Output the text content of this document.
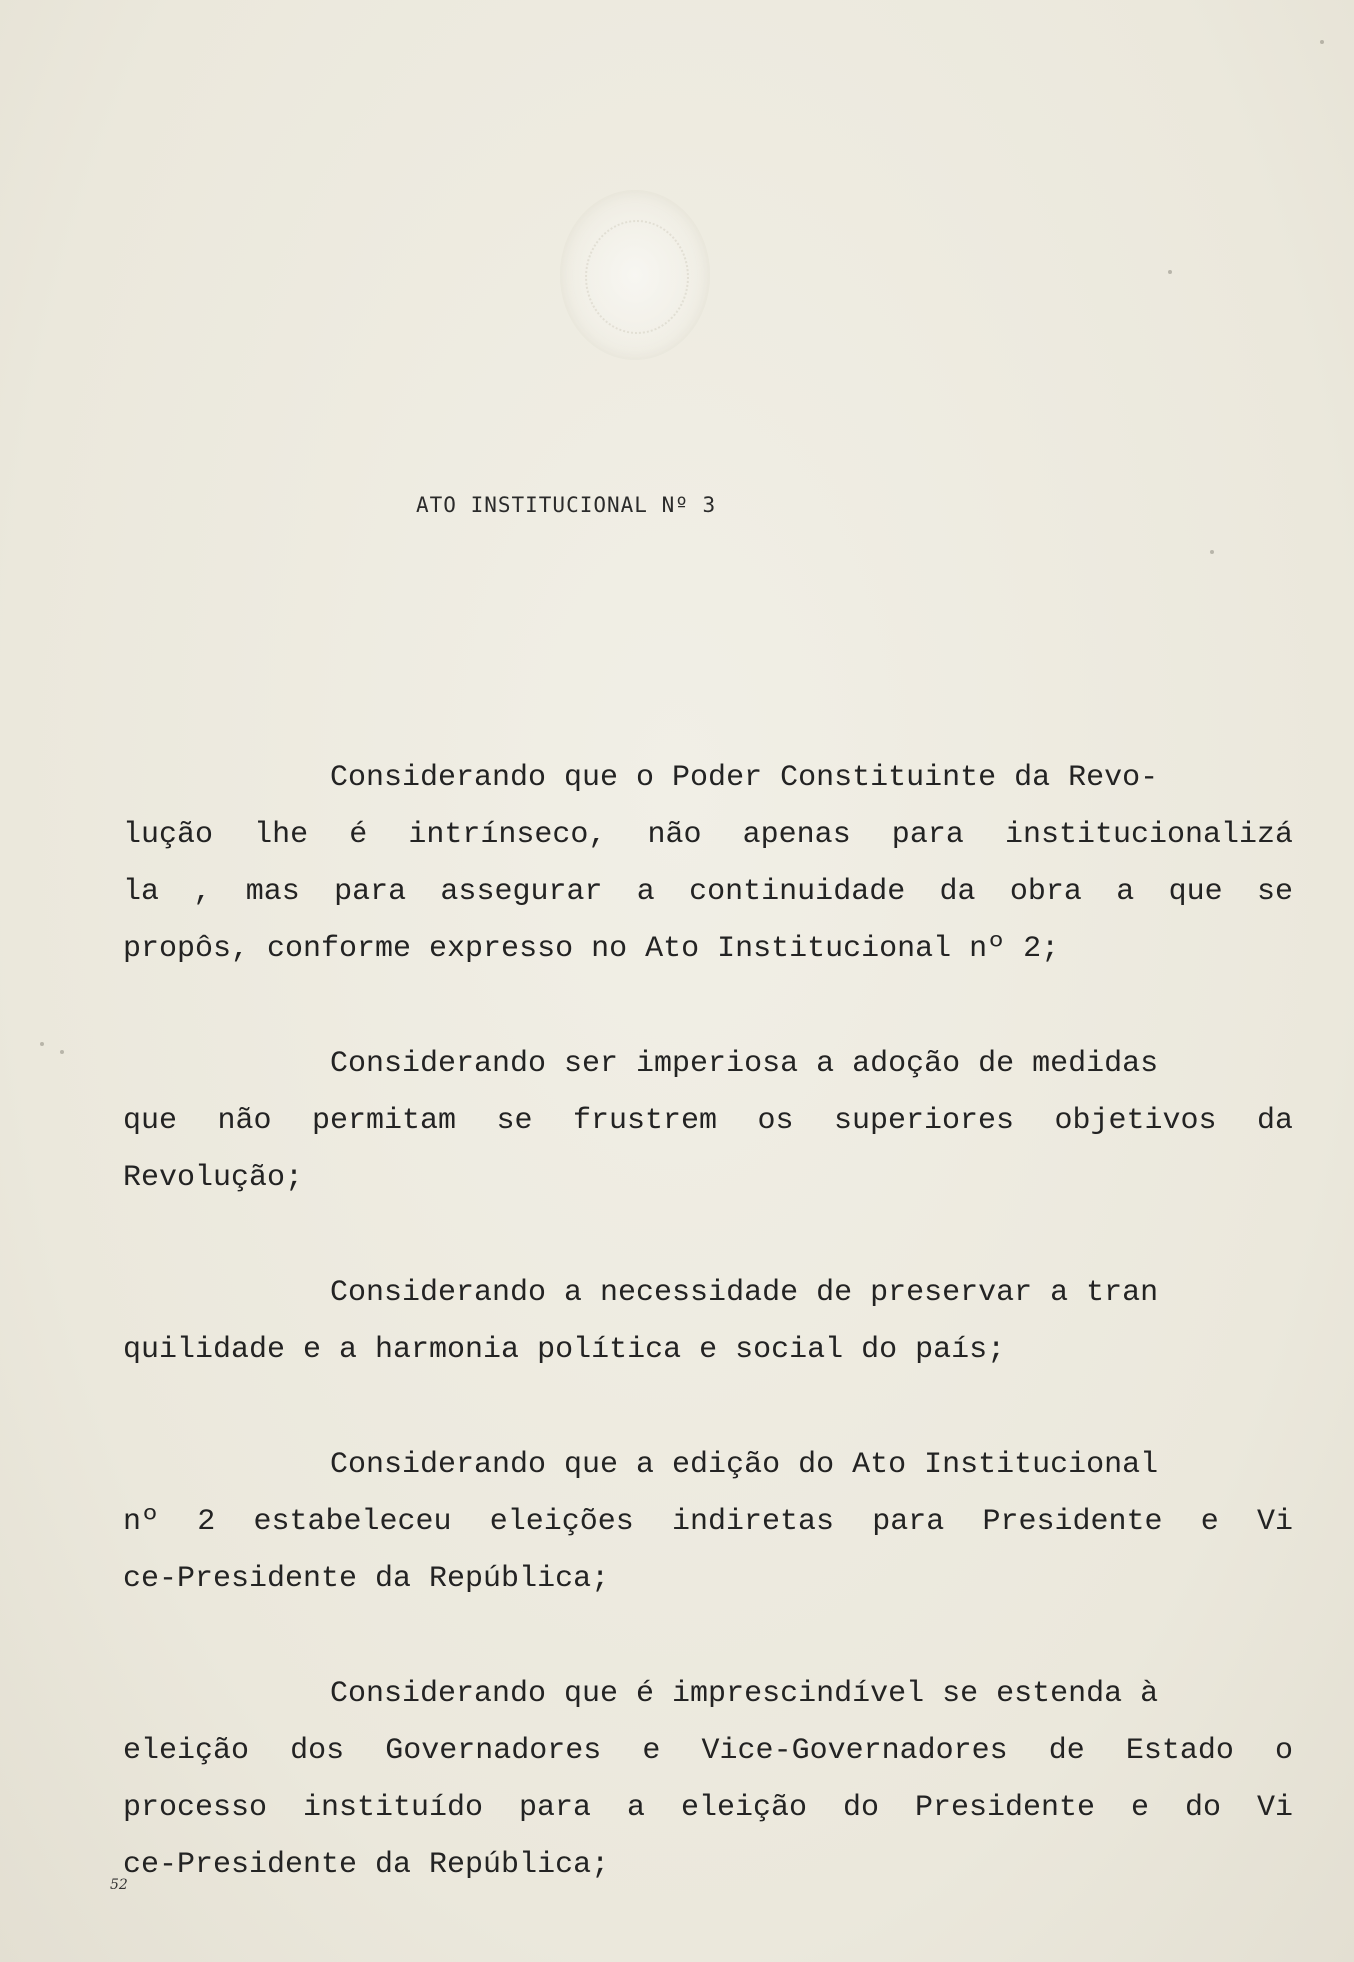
ATO INSTITUCIONAL Nº 3
Considerando que o Poder Constituinte da Revo-
lução lhe é intrínseco, não apenas para institucionalizá
la , mas para assegurar a continuidade da obra a que se
propôs, conforme expresso no Ato Institucional nº 2;
Considerando ser imperiosa a adoção de medidas
que não permitam se frustrem os superiores objetivos da
Revolução;
Considerando a necessidade de preservar a tran
quilidade e a harmonia política e social do país;
Considerando que a edição do Ato Institucional
nº 2 estabeleceu eleições indiretas para Presidente e Vi
ce-Presidente da República;
Considerando que é imprescindível se estenda à
eleição dos Governadores e Vice-Governadores de Estado o
processo instituído para a eleição do Presidente e do Vi
ce-Presidente da República;
52
